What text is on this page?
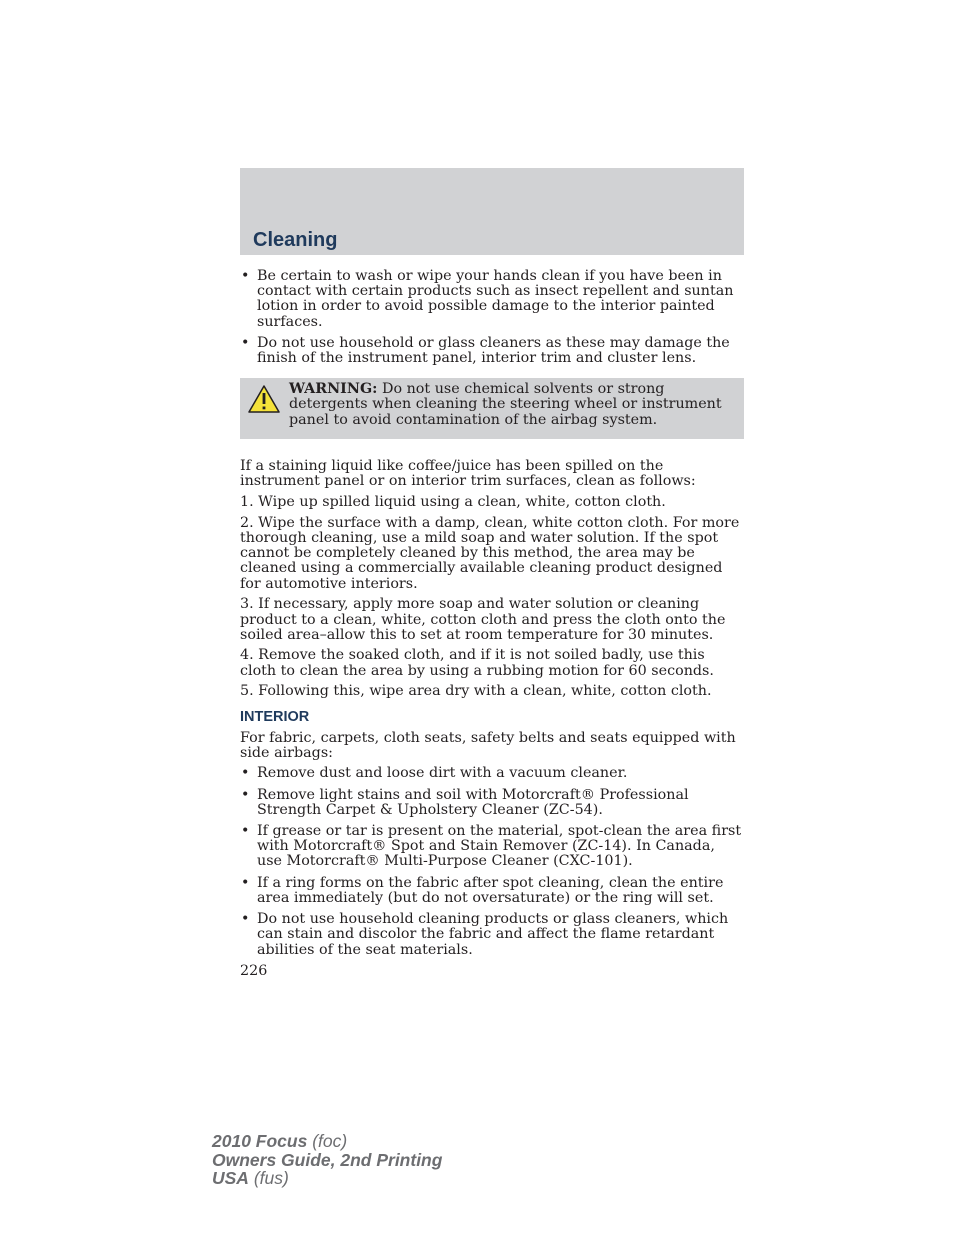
Cleaning
• Be certain to wash or wipe your hands clean if you have been in contact with certain products such as insect repellent and suntan lotion in order to avoid possible damage to the interior painted surfaces.
• Do not use household or glass cleaners as these may damage the finish of the instrument panel, interior trim and cluster lens.
WARNING: Do not use chemical solvents or strong detergents when cleaning the steering wheel or instrument panel to avoid contamination of the airbag system.

If a staining liquid like coffee/juice has been spilled on the instrument panel or on interior trim surfaces, clean as follows:

1. Wipe up spilled liquid using a clean, white, cotton cloth.

2. Wipe the surface with a damp, clean, white cotton cloth. For more thorough cleaning, use a mild soap and water solution. If the spot cannot be completely cleaned by this method, the area may be cleaned using a commercially available cleaning product designed for automotive interiors.

3. If necessary, apply more soap and water solution or cleaning product to a clean, white, cotton cloth and press the cloth onto the soiled area–allow this to set at room temperature for 30 minutes.

4. Remove the soaked cloth, and if it is not soiled badly, use this cloth to clean the area by using a rubbing motion for 60 seconds.

5. Following this, wipe area dry with a clean, white, cotton cloth.

INTERIOR

For fabric, carpets, cloth seats, safety belts and seats equipped with side airbags:

• Remove dust and loose dirt with a vacuum cleaner.
• Remove light stains and soil with Motorcraft® Professional Strength Carpet & Upholstery Cleaner (ZC-54).
• If grease or tar is present on the material, spot-clean the area first with Motorcraft® Spot and Stain Remover (ZC-14). In Canada, use Motorcraft® Multi-Purpose Cleaner (CXC-101).
• If a ring forms on the fabric after spot cleaning, clean the entire area immediately (but do not oversaturate) or the ring will set.
• Do not use household cleaning products or glass cleaners, which can stain and discolor the fabric and affect the flame retardant abilities of the seat materials.
226
2010 Focus (foc)
Owners Guide, 2nd Printing
USA (fus)
